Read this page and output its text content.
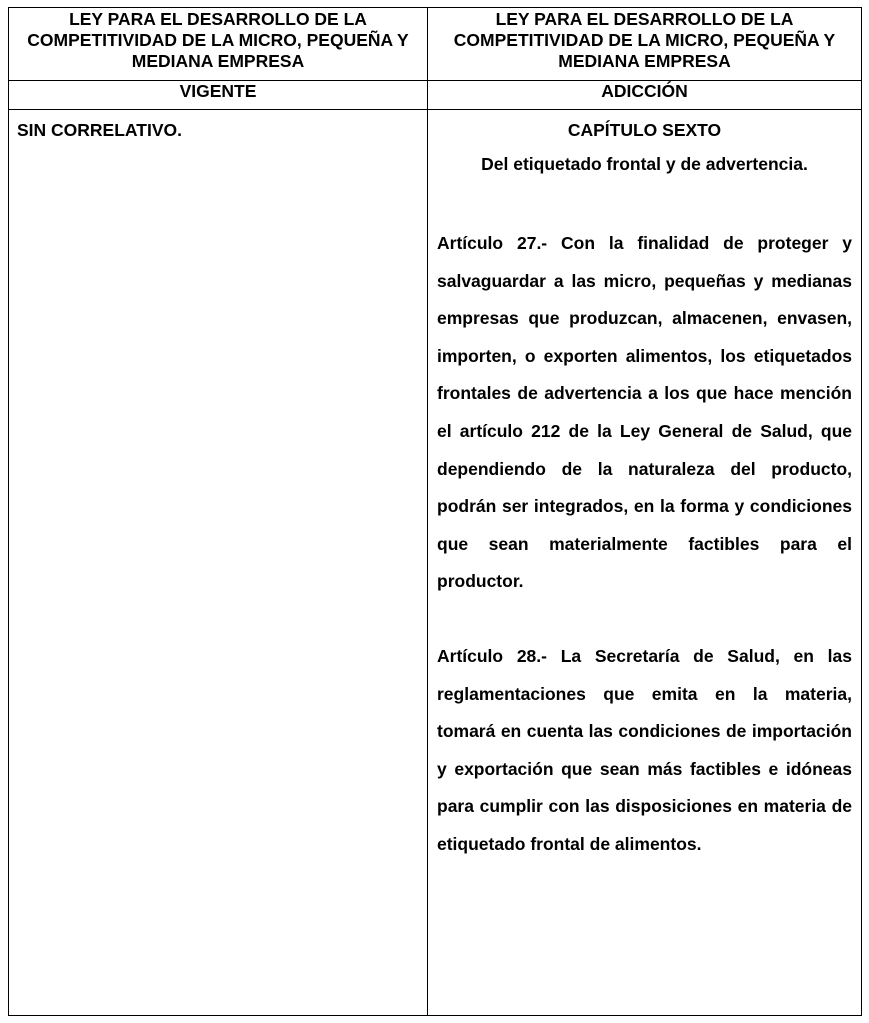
LEY PARA EL DESARROLLO DE LA COMPETITIVIDAD DE LA MICRO, PEQUEÑA Y MEDIANA EMPRESA	LEY PARA EL DESARROLLO DE LA COMPETITIVIDAD DE LA MICRO, PEQUEÑA Y MEDIANA EMPRESA
VIGENTE	ADICCIÓN

SIN CORRELATIVO.	CAPÍTULO SEXTO

Del etiquetado frontal y de advertencia.

Artículo 27.- Con la finalidad de proteger y salvaguardar a las micro, pequeñas y medianas empresas que produzcan, almacenen, envasen, importen, o exporten alimentos, los etiquetados frontales de advertencia a los que hace mención el artículo 212 de la Ley General de Salud, que dependiendo de la naturaleza del producto, podrán ser integrados, en la forma y condiciones que sean materialmente factibles para el productor.

Artículo 28.- La Secretaría de Salud, en las reglamentaciones que emita en la materia, tomará en cuenta las condiciones de importación y exportación que sean más factibles e idóneas para cumplir con las disposiciones en materia de etiquetado frontal de alimentos.
